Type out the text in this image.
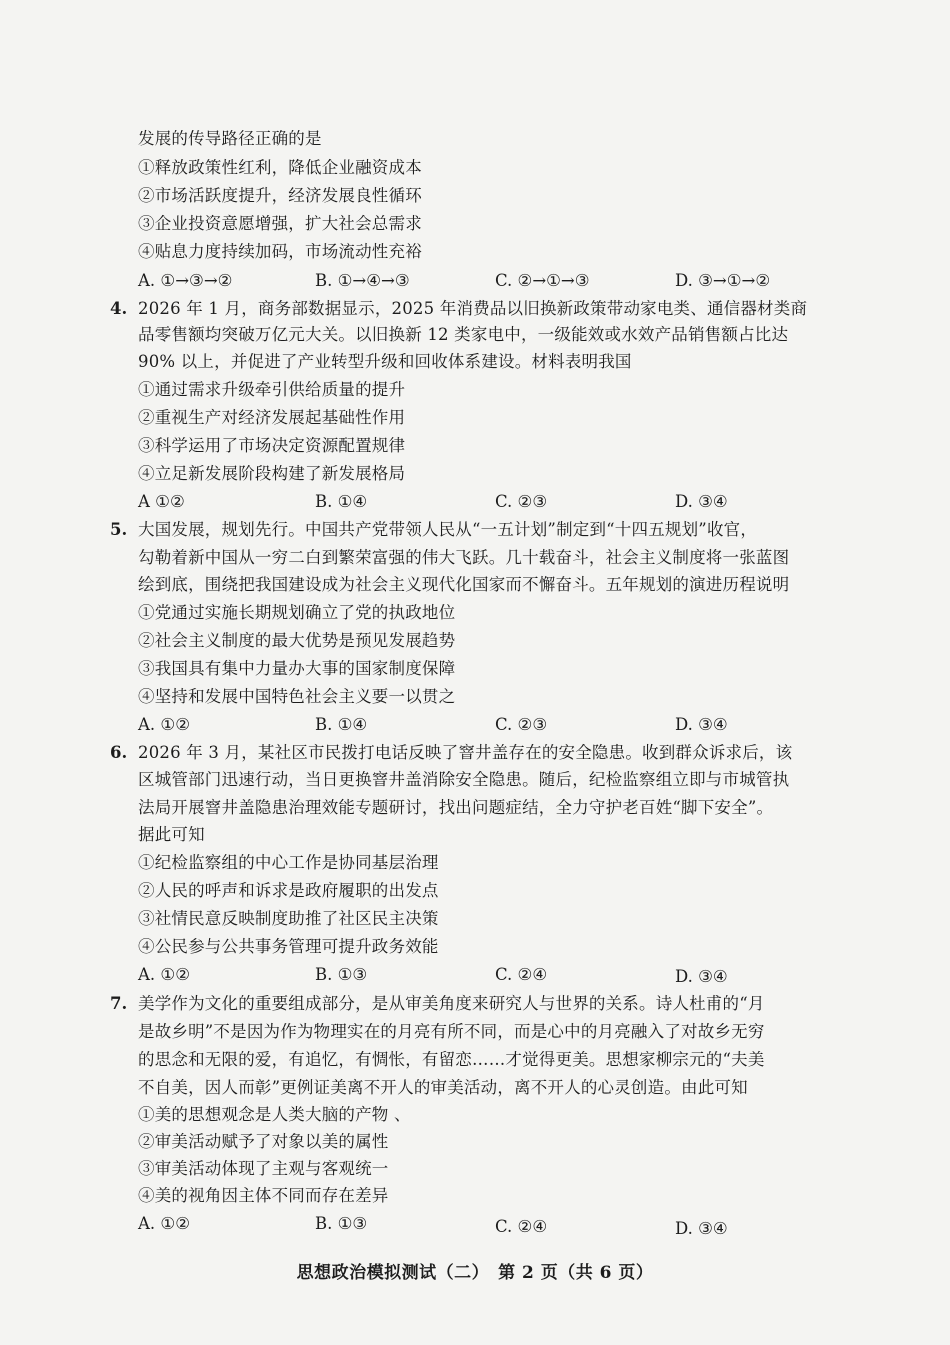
发展的传导路径正确的是
①释放政策性红利，降低企业融资成本
②市场活跃度提升，经济发展良性循环
③企业投资意愿增强，扩大社会总需求
④贴息力度持续加码，市场流动性充裕
A. ①→③→②	B. ①→④→③	C. ②→①→③	D. ③→①→②
4. 2026 年 1 月，商务部数据显示，2025 年消费品以旧换新政策带动家电类、通信器材类商
品零售额均突破万亿元大关。以旧换新 12 类家电中，一级能效或水效产品销售额占比达
90% 以上，并促进了产业转型升级和回收体系建设。材料表明我国
①通过需求升级牵引供给质量的提升
②重视生产对经济发展起基础性作用
③科学运用了市场决定资源配置规律
④立足新发展阶段构建了新发展格局
A ①②	B. ①④	C. ②③	D. ③④
5. 大国发展，规划先行。中国共产党带领人民从“一五计划”制定到“十四五规划”收官，
勾勒着新中国从一穷二白到繁荣富强的伟大飞跃。几十载奋斗，社会主义制度将一张蓝图
绘到底，围绕把我国建设成为社会主义现代化国家而不懈奋斗。五年规划的演进历程说明
①党通过实施长期规划确立了党的执政地位
②社会主义制度的最大优势是预见发展趋势
③我国具有集中力量办大事的国家制度保障
④坚持和发展中国特色社会主义要一以贯之
A. ①②	B. ①④	C. ②③	D. ③④
6. 2026 年 3 月，某社区市民拨打电话反映了窨井盖存在的安全隐患。收到群众诉求后，该
区城管部门迅速行动，当日更换窨井盖消除安全隐患。随后，纪检监察组立即与市城管执
法局开展窨井盖隐患治理效能专题研讨，找出问题症结，全力守护老百姓“脚下安全”。
据此可知
①纪检监察组的中心工作是协同基层治理
②人民的呼声和诉求是政府履职的出发点
③社情民意反映制度助推了社区民主决策
④公民参与公共事务管理可提升政务效能
A. ①②	B. ①③	C. ②④	D. ③④
7. 美学作为文化的重要组成部分，是从审美角度来研究人与世界的关系。诗人杜甫的“月
是故乡明”不是因为作为物理实在的月亮有所不同，而是心中的月亮融入了对故乡无穷
的思念和无限的爱，有追忆，有惆怅，有留恋……才觉得更美。思想家柳宗元的“夫美
不自美，因人而彰”更例证美离不开人的审美活动，离不开人的心灵创造。由此可知
①美的思想观念是人类大脑的产物 、
②审美活动赋予了对象以美的属性
③审美活动体现了主观与客观统一
④美的视角因主体不同而存在差异
A. ①②	B. ①③	C. ②④	D. ③④
思想政治模拟测试（二）　第 2 页（共 6 页）
